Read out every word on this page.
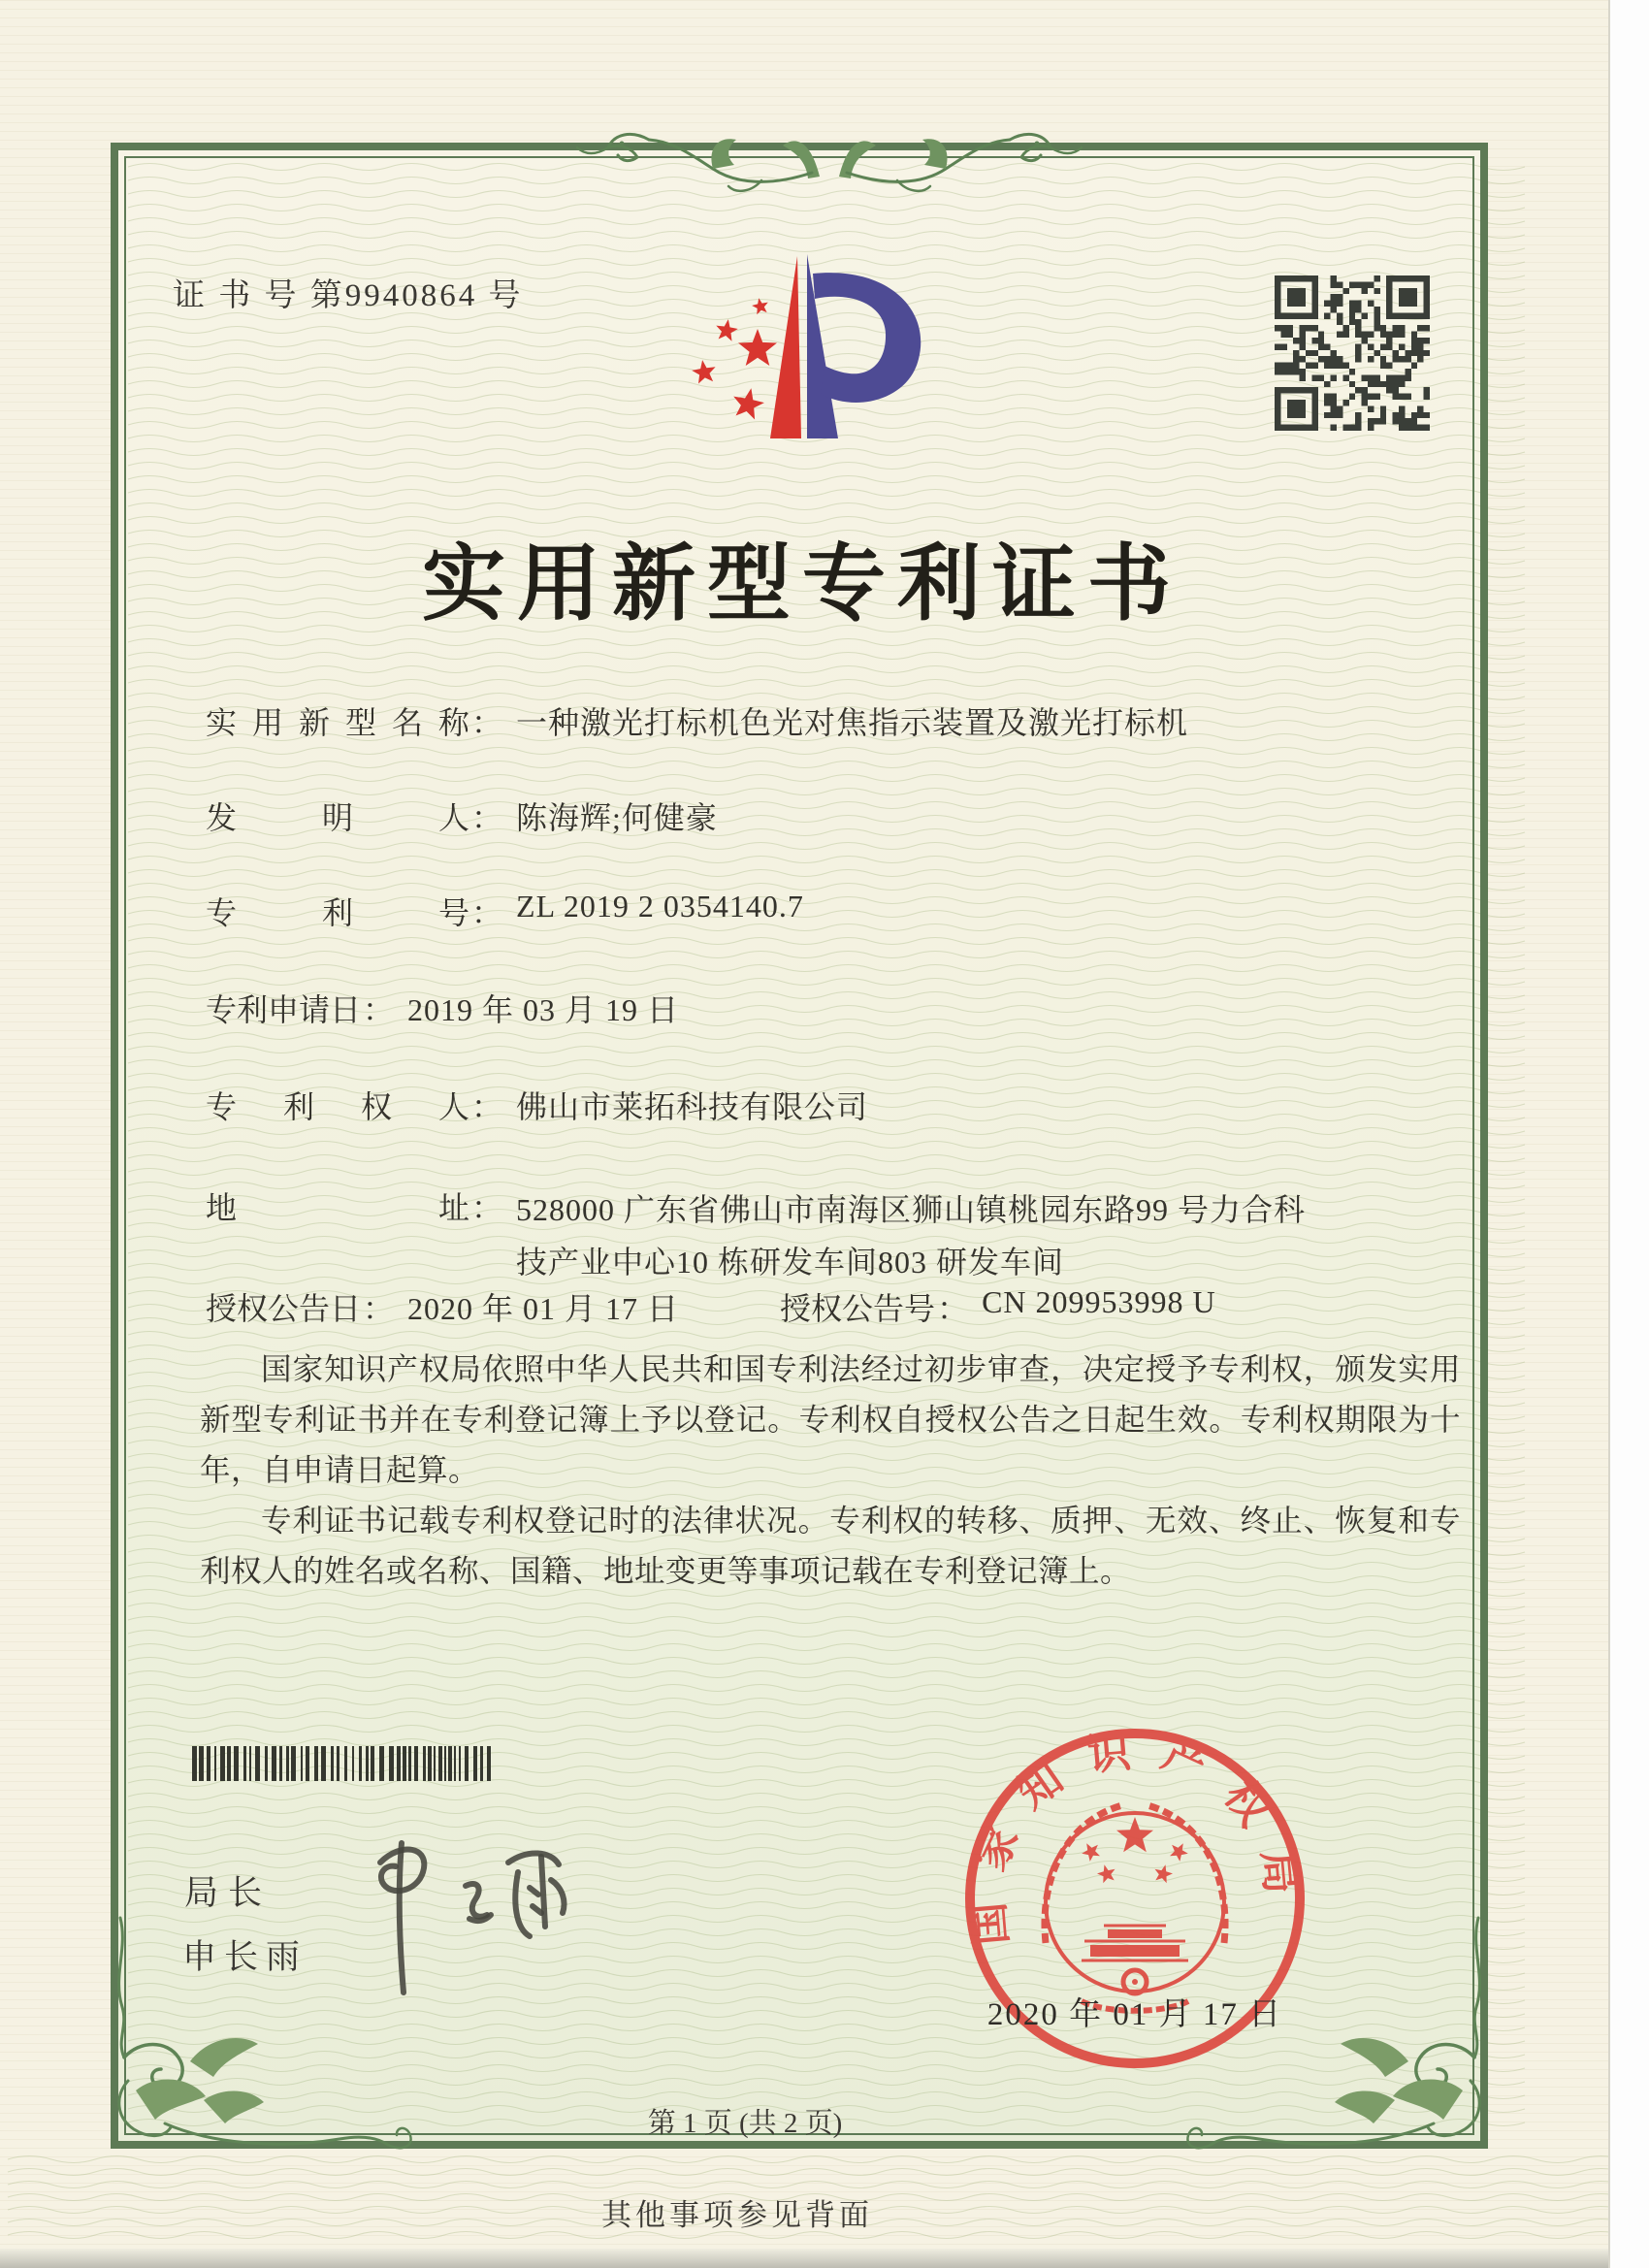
证 书 号 第9940864 号
实用新型专利证书
实 用 新 型 名 称 ： 一种激光打标机色光对焦指示装置及激光打标机
发	明	人 ： 陈海辉;何健豪
专	利	号 ： ZL 2019 2 0354140.7
专利申请日 ： 2019 年 03 月 19 日
专 利 权 人 ： 佛山市莱拓科技有限公司
地	址 ： 528000 广东省佛山市南海区狮山镇桃园东路99 号力合科
技产业中心10 栋研发车间803 研发车间
授权公告日 ： 2020 年 01 月 17 日	授权公告号 ： CN 209953998 U

国家知识产权局依照中华人民共和国专利法经过初步审查，决定授予专利权，颁发实用新型专利证书并在专利登记簿上予以登记。专利权自授权公告之日起生效。专利权期限为十年，自申请日起算。

专利证书记载专利权登记时的法律状况。专利权的转移、质押、无效、终止、恢复和专利权人的姓名或名称、国籍、地址变更等事项记载在专利登记簿上。

局长
申长雨
国家知识产权局
2020 年 01 月 17 日
第 1 页 (共 2 页)
其他事项参见背面
